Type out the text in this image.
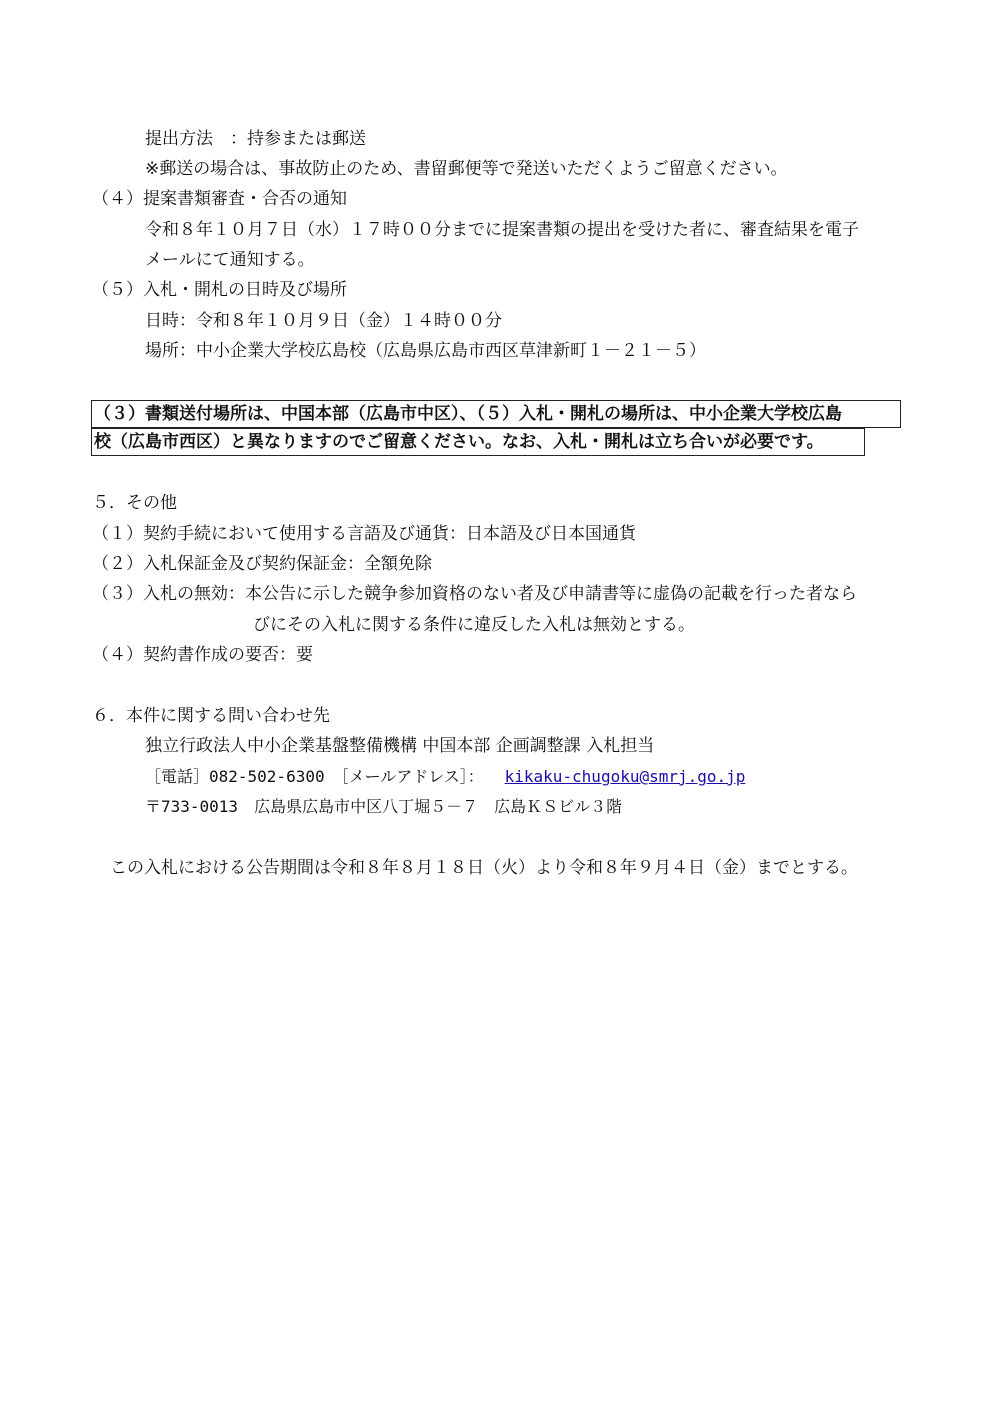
提出方法　：持参または郵送
※郵送の場合は、事故防止のため、書留郵便等で発送いただくようご留意ください。
（４）提案書類審査・合否の通知
令和８年１０月７日（水）１７時００分までに提案書類の提出を受けた者に、審査結果を電子
メールにて通知する。
（５）入札・開札の日時及び場所
日時：令和８年１０月９日（金）１４時００分
場所：中小企業大学校広島校（広島県広島市西区草津新町１－２１－５）
（３）書類送付場所は、中国本部（広島市中区）、（５）入札・開札の場所は、中小企業大学校広島
校（広島市西区）と異なりますのでご留意ください。なお、入札・開札は立ち合いが必要です。
５．その他
（１）契約手続において使用する言語及び通貨：日本語及び日本国通貨
（２）入札保証金及び契約保証金：全額免除
（３）入札の無効：本公告に示した競争参加資格のない者及び申請書等に虚偽の記載を行った者なら
びにその入札に関する条件に違反した入札は無効とする。
（４）契約書作成の要否：要
６．本件に関する問い合わせ先
独立行政法人中小企業基盤整備機構 中国本部 企画調整課 入札担当
［電話］082-502-6300　［メールアドレス］： kikaku-chugoku@smrj.go.jp
〒733-0013　広島県広島市中区八丁堀５－７　広島ＫＳビル３階
この入札における公告期間は令和８年８月１８日（火）より令和８年９月４日（金）までとする。
